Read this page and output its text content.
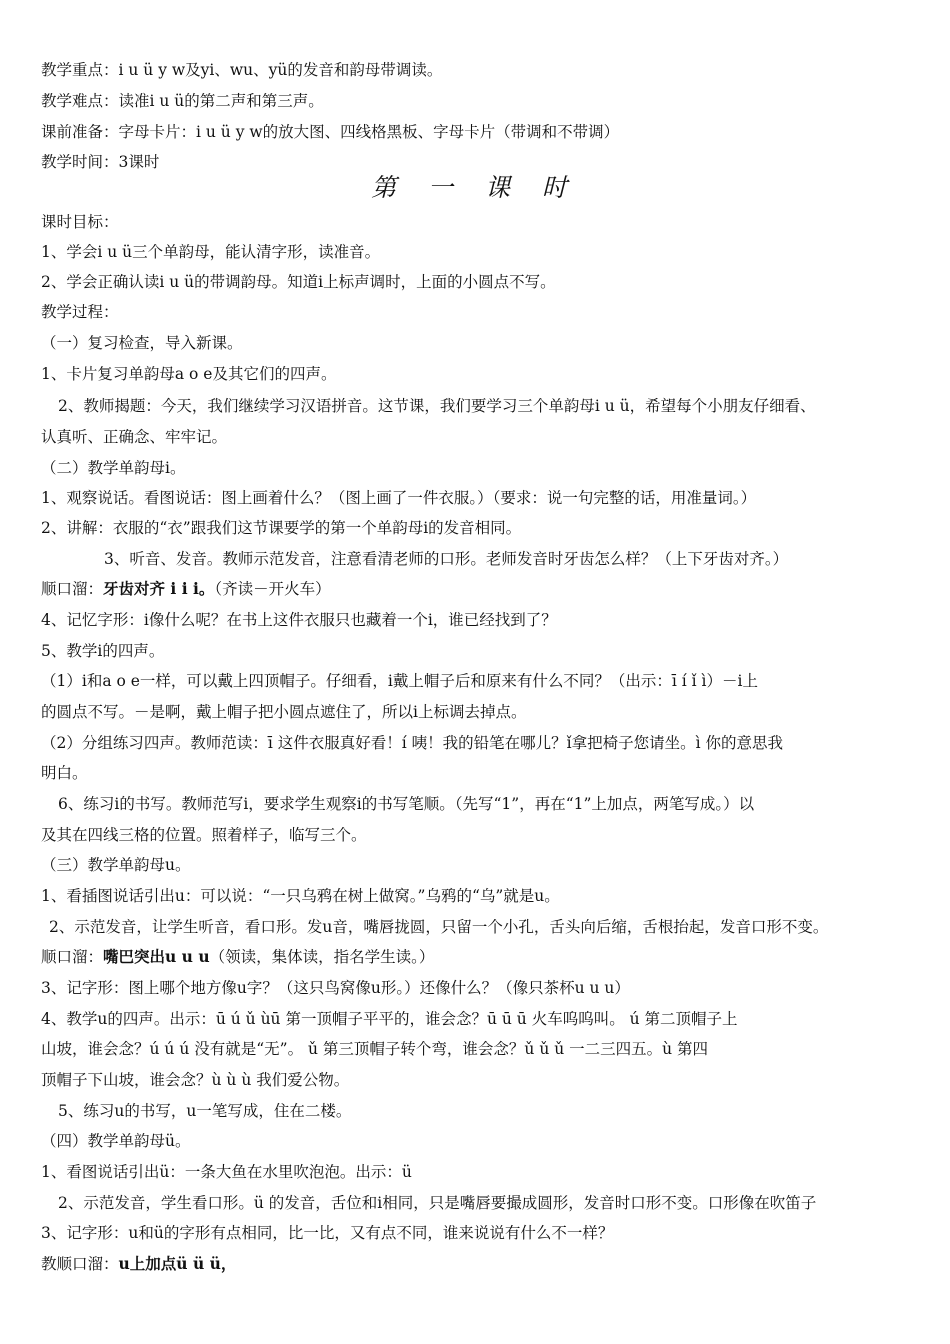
教学重点：i u ü y w及yi、wu、yü的发音和韵母带调读。
教学难点：读准i u ü的第二声和第三声。
课前准备：字母卡片：i u ü y w的放大图、四线格黑板、字母卡片（带调和不带调）
教学时间：3课时
第 一 课 时
课时目标：
1、学会i u ü三个单韵母，能认清字形，读准音。
2、学会正确认读i u ü的带调韵母。知道i上标声调时，上面的小圆点不写。
教学过程：
（一）复习检查，导入新课。
1、卡片复习单韵母a o e及其它们的四声。
2、教师揭题：今天，我们继续学习汉语拼音。这节课，我们要学习三个单韵母i u ü，希望每个小朋友仔细看、
认真听、正确念、牢牢记。
（二）教学单韵母i。
1、观察说话。看图说话：图上画着什么？（图上画了一件衣服。）（要求：说一句完整的话，用准量词。）
2、讲解：衣服的“衣”跟我们这节课要学的第一个单韵母i的发音相同。
3、听音、发音。教师示范发音，注意看清老师的口形。老师发音时牙齿怎么样？（上下牙齿对齐。）
顺口溜：牙齿对齐 i i i。（齐读－开火车）
4、记忆字形：i像什么呢？在书上这件衣服只也藏着一个i，谁已经找到了？
5、教学i的四声。
（1）i和a o e一样，可以戴上四顶帽子。仔细看，i戴上帽子后和原来有什么不同？（出示：ī í ǐ ì）－i上
的圆点不写。－是啊，戴上帽子把小圆点遮住了，所以i上标调去掉点。
（2）分组练习四声。教师范读：ī 这件衣服真好看！í 咦！我的铅笔在哪儿？ǐ拿把椅子您请坐。ì 你的意思我
明白。
6、练习i的书写。教师范写i，要求学生观察i的书写笔顺。（先写“1”，再在“1”上加点，两笔写成。）以
及其在四线三格的位置。照着样子，临写三个。
（三）教学单韵母u。
1、看插图说话引出u：可以说：“一只乌鸦在树上做窝。”乌鸦的“乌”就是u。
2、示范发音，让学生听音，看口形。发u音，嘴唇拢圆，只留一个小孔，舌头向后缩，舌根抬起，发音口形不变。
顺口溜：嘴巴突出u u u（领读，集体读，指名学生读。）
3、记字形：图上哪个地方像u字？（这只鸟窝像u形。）还像什么？（像只茶杯u u u）
4、教学u的四声。出示：ū ú ǔ ùū 第一顶帽子平平的，谁会念？ū ū ū 火车呜呜叫。 ú 第二顶帽子上
山坡，谁会念？ú ú ú 没有就是“无”。 ǔ 第三顶帽子转个弯，谁会念？ǔ ǔ ǔ 一二三四五。ù 第四
顶帽子下山坡，谁会念？ù ù ù 我们爱公物。
5、练习u的书写，u一笔写成，住在二楼。
（四）教学单韵母ü。
1、看图说话引出ü：一条大鱼在水里吹泡泡。出示：ü
2、示范发音，学生看口形。ü 的发音，舌位和i相同，只是嘴唇要撮成圆形，发音时口形不变。口形像在吹笛子
3、记字形：u和ü的字形有点相同，比一比，又有点不同，谁来说说有什么不一样？
教顺口溜：u上加点ü ü ü，
